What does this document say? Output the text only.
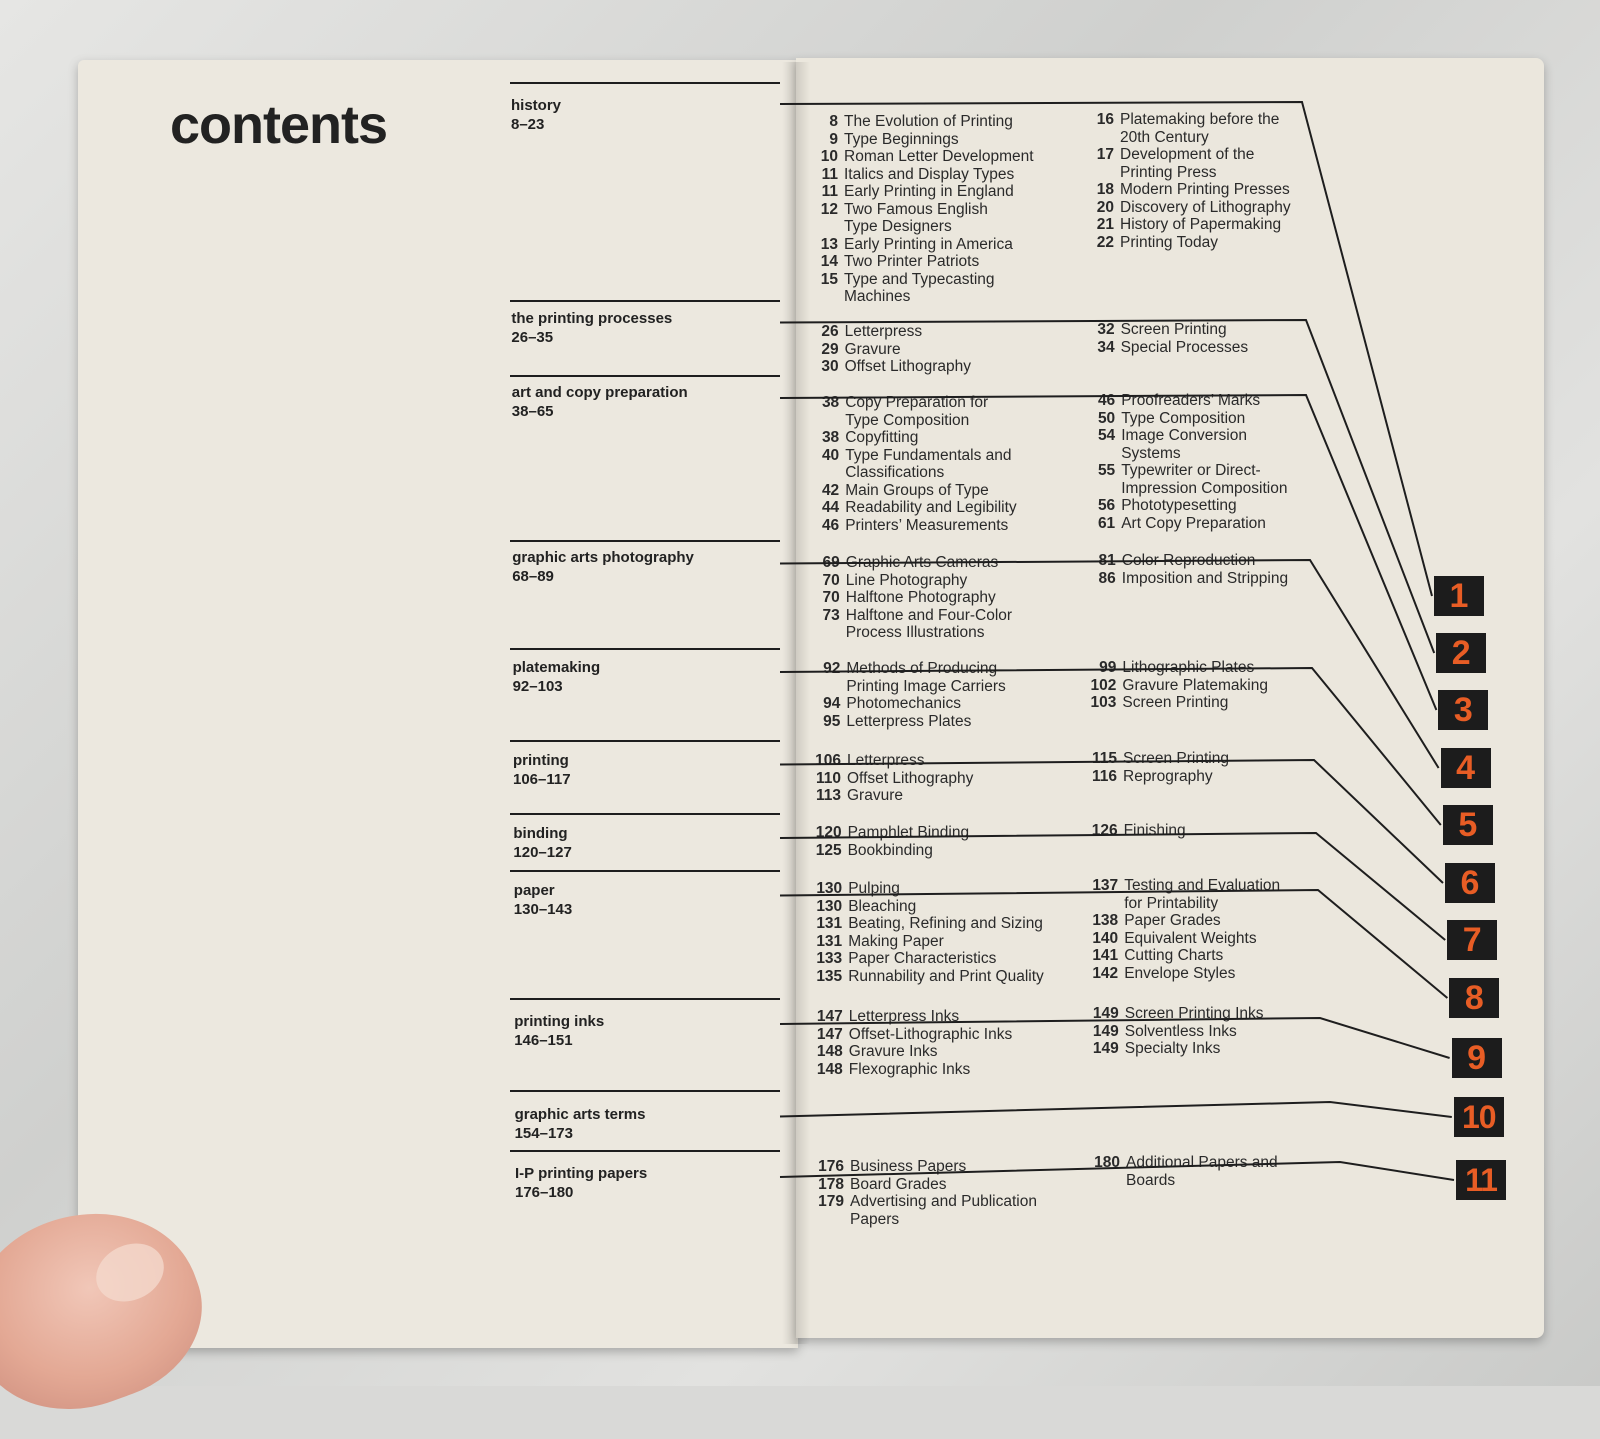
contents	history
8–23	8 The Evolution of Printing
9 Type Beginnings
10 Roman Letter Development
11 Italics and Display Types
11 Early Printing in England
12 Two Famous English
Type Designers
13 Early Printing in America
14 Two Printer Patriots
15 Type and Typecasting
Machines
16 Platemaking before the
20th Century
17 Development of the
Printing Press
18 Modern Printing Presses
20 Discovery of Lithography
21 History of Papermaking
22 Printing Today
the printing processes
26–35	26 Letterpress
29 Gravure
30 Offset Lithography
32 Screen Printing
34 Special Processes
art and copy preparation
38–65
38 Copy Preparation for
Type Composition
38 Copyfitting
40 Type Fundamentals and
Classifications
42 Main Groups of Type
44 Readability and Legibility
46 Printers’ Measurements
46 Proofreaders’ Marks
50 Type Composition
54 Image Conversion
Systems
55 Typewriter or Direct-
Impression Composition
56 Phototypesetting
61 Art Copy Preparation
graphic arts photography
68–89
69 Graphic Arts Cameras
70 Line Photography
70 Halftone Photography
73 Halftone and Four-Color
Process Illustrations
81 Color Reproduction
86 Imposition and Stripping
platemaking
92–103
92 Methods of Producing
Printing Image Carriers
94 Photomechanics
95 Letterpress Plates
99 Lithographic Plates
102 Gravure Platemaking
103 Screen Printing
printing
106–117
106 Letterpress
110 Offset Lithography
113 Gravure
115 Screen Printing
116 Reprography
binding
120–127
120 Pamphlet Binding
125 Bookbinding
126 Finishing
paper
130–143
130 Pulping
130 Bleaching
131 Beating, Refining and Sizing
131 Making Paper
133 Paper Characteristics
135 Runnability and Print Quality
137 Testing and Evaluation
for Printability
138 Paper Grades
140 Equivalent Weights
141 Cutting Charts
142 Envelope Styles
printing inks
146–151
147 Letterpress Inks
147 Offset-Lithographic Inks
148 Gravure Inks
148 Flexographic Inks
149 Screen Printing Inks
149 Solventless Inks
149 Specialty Inks
graphic arts terms
154–173
I-P printing papers
176–180
176 Business Papers
178 Board Grades
179 Advertising and Publication
Papers
180 Additional Papers and
Boards
1
2
3
4
5
6
7
8
9
10
11
